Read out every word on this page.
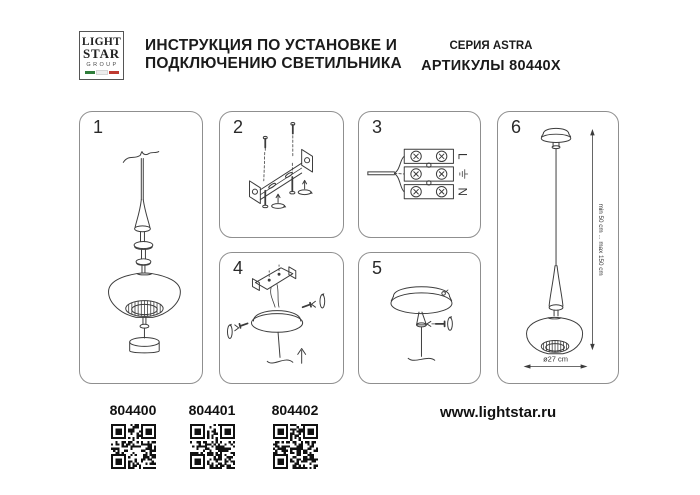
LIGHT
STAR
GROUP
ИНСТРУКЦИЯ ПО УСТАНОВКЕ И
ПОДКЛЮЧЕНИЮ СВЕТИЛЬНИКА
СЕРИЯ ASTRA
АРТИКУЛЫ 80440X
1	2	3
L
N
4	5
6
min 50 cm ... max 150 cm
ø27 cm
804400	804401	804402	www.lightstar.ru
